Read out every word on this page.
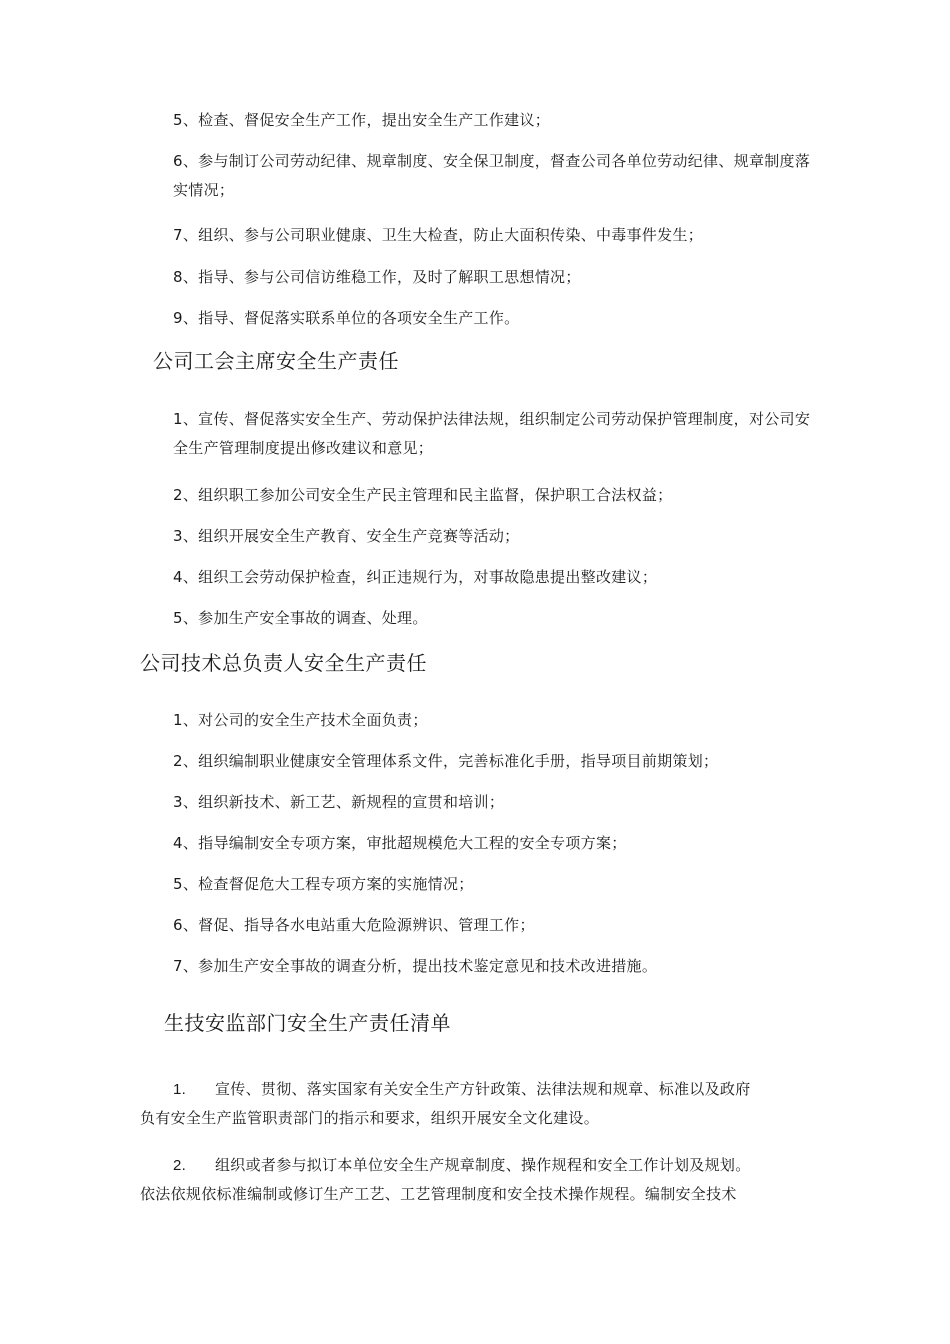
5、检查、督促安全生产工作，提出安全生产工作建议；

6、参与制订公司劳动纪律、规章制度、安全保卫制度，督查公司各单位劳动纪律、规章制度落实情况；

7、组织、参与公司职业健康、卫生大检查，防止大面积传染、中毒事件发生；

8、指导、参与公司信访维稳工作，及时了解职工思想情况；

9、指导、督促落实联系单位的各项安全生产工作。

公司工会主席安全生产责任

1、宣传、督促落实安全生产、劳动保护法律法规，组织制定公司劳动保护管理制度，对公司安全生产管理制度提出修改建议和意见；

2、组织职工参加公司安全生产民主管理和民主监督，保护职工合法权益；

3、组织开展安全生产教育、安全生产竞赛等活动；

4、组织工会劳动保护检查，纠正违规行为，对事故隐患提出整改建议；

5、参加生产安全事故的调查、处理。

公司技术总负责人安全生产责任

1、对公司的安全生产技术全面负责；

2、组织编制职业健康安全管理体系文件，完善标准化手册，指导项目前期策划；

3、组织新技术、新工艺、新规程的宣贯和培训；

4、指导编制安全专项方案，审批超规模危大工程的安全专项方案；

5、检查督促危大工程专项方案的实施情况；

6、督促、指导各水电站重大危险源辨识、管理工作；

7、参加生产安全事故的调查分析，提出技术鉴定意见和技术改进措施。

生技安监部门安全生产责任清单
1. 宣传、贯彻、落实国家有关安全生产方针政策、法律法规和规章、标准以及政府
负有安全生产监管职责部门的指示和要求，组织开展安全文化建设。
2. 组织或者参与拟订本单位安全生产规章制度、操作规程和安全工作计划及规划。
依法依规依标准编制或修订生产工艺、工艺管理制度和安全技术操作规程。编制安全技术
